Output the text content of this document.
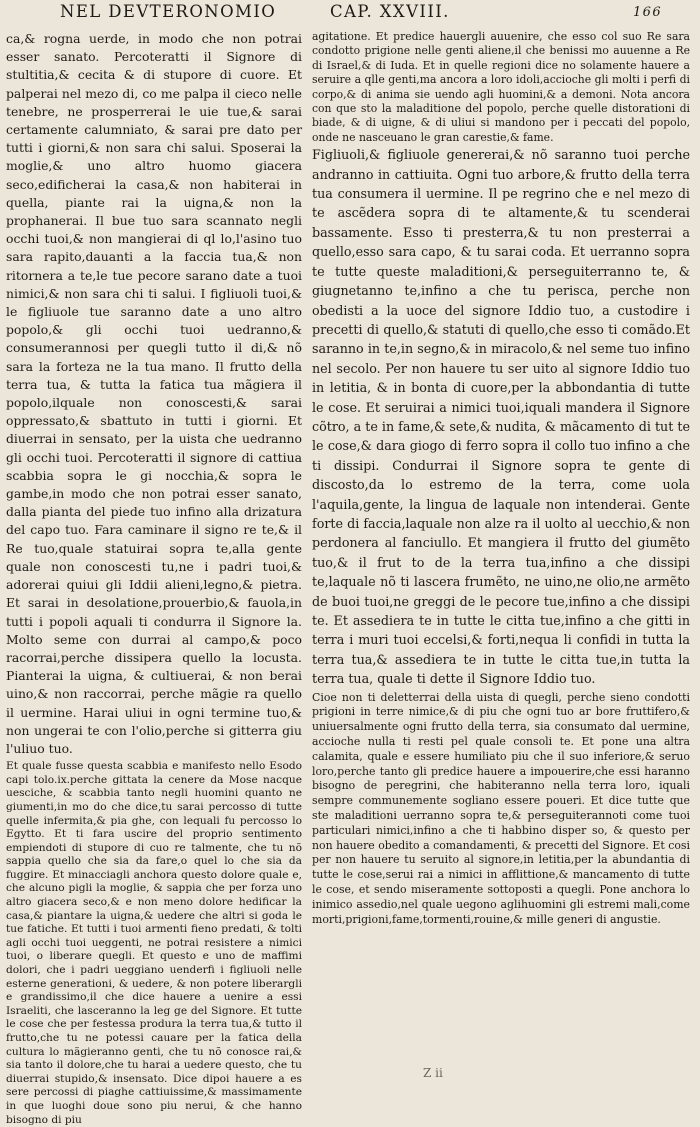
NEL DEVTERONOMIO	CAP. XXVIII.	166

ca,& rogna uerde, in modo che non potrai esser sanato. Percoteratti il Signore di stultitia,& cecita & di stupore di cuore. Et palperai nel mezo di, co me palpa il cieco nelle tenebre, ne prosperrerai le uie tue,& sarai certamente calumniato, & sarai pre dato per tutti i giorni,& non sara chi salui. Sposerai la moglie,& uno altro huomo giacera seco,edificherai la casa,& non habiterai in quella, piante rai la uigna,& non la prophanerai. Il bue tuo sara scannato negli occhi tuoi,& non mangierai di ql lo,l'asino tuo sara rapito,dauanti a la faccia tua,& non ritornera a te,le tue pecore sarano date a tuoi nimici,& non sara chi ti salui. I figliuoli tuoi,& le figliuole tue saranno date a uno altro popolo,& gli occhi tuoi uedranno,& consumerannosi per quegli tutto il di,& nõ sara la forteza ne la tua mano. Il frutto della terra tua, & tutta la fatica tua mãgiera il popolo,ilquale non conoscesti,& sarai oppressato,& sbattuto in tutti i giorni. Et diuerrai in sensato, per la uista che uedranno gli occhi tuoi. Percoteratti il signore di cattiua scabbia sopra le gi nocchia,& sopra le gambe,in modo che non potrai esser sanato, dalla pianta del piede tuo infino alla drizatura del capo tuo. Fara caminare il signo re te,& il Re tuo,quale statuirai sopra te,alla gente quale non conoscesti tu,ne i padri tuoi,& adorerai quiui gli Iddii alieni,legno,& pietra. Et sarai in desolatione,prouerbio,& fauola,in tutti i popoli aquali ti condurra il Signore la. Molto seme con durrai al campo,& poco racorrai,perche dissipera quello la locusta. Pianterai la uigna, & cultiuerai, & non berai uino,& non raccorrai, perche mãgie ra quello il uermine. Harai uliui in ogni termine tuo,& non ungerai te con l'olio,perche si gitterra giu l'uliuo tuo.

Et quale fusse questa scabbia e manifesto nello Esodo capi tolo.ix.perche gittata la cenere da Mose nacque uesciche, & scabbia tanto negli huomini quanto ne giumenti,in mo do che dice,tu sarai percosso di tutte quelle infermita,& pia ghe, con lequali fu percosso lo Egytto. Et ti fara uscire del proprio sentimento empiendoti di stupore di cuo re talmente, che tu nõ sappia quello che sia da fare,o quel lo che sia da fuggire. Et minacciagli anchora questo dolore quale e, che alcuno pigli la moglie, & sappia che per forza uno altro giacera seco,& e non meno dolore hedificar la casa,& piantare la uigna,& uedere che altri si goda le tue fatiche. Et tutti i tuoi armenti fieno predati, & tolti agli occhi tuoi ueggenti, ne potrai resistere a nimici tuoi, o liberare quegli. Et questo e uno de maffimi dolori, che i padri ueggiano uenderfi i figliuoli nelle esterne generationi, & uedere, & non potere liberargli e grandissimo,il che dice hauere a uenire a essi Israeliti, che lasceranno la leg ge del Signore. Et tutte le cose che per festessa produra la terra tua,& tutto il frutto,che tu ne potessi cauare per la fatica della cultura lo mãgieranno genti, che tu nõ conosce rai,& sia tanto il dolore,che tu harai a uedere questo, che tu diuerrai stupido,& insensato. Dice dipoi hauere a es sere percossi di piaghe cattiuissime,& massimamente in que luoghi doue sono piu nerui, & che hanno bisogno di piu

agitatione. Et predice hauergli auuenire, che esso col suo Re sara condotto prigione nelle genti aliene,il che benissi mo auuenne a Re di Israel,& di Iuda. Et in quelle regioni dice no solamente hauere a seruire a qlle genti,ma ancora a loro idoli,accioche gli molti i perfi di corpo,& di anima sie uendo agli huomini,& a demoni. Nota ancora con que sto la maladitione del popolo, perche quelle distorationi di biade, & di uigne, & di uliui si mandono per i peccati del popolo, onde ne nasceuano le gran carestie,& fame.

Figliuoli,& figliuole genererai,& nõ saranno tuoi perche andranno in cattiuita. Ogni tuo arbore,& frutto della terra tua consumera il uermine. Il pe regrino che e nel mezo di te ascẽdera sopra di te altamente,& tu scenderai bassamente. Esso ti presterra,& tu non presterrai a quello,esso sara capo, & tu sarai coda. Et uerranno sopra te tutte queste maladitioni,& perseguiterranno te, & giugnetanno te,infino a che tu perisca, perche non obedisti a la uoce del signore Iddio tuo, a custodire i precetti di quello,& statuti di quello,che esso ti comãdo.Et saranno in te,in segno,& in miracolo,& nel seme tuo infino nel secolo. Per non hauere tu ser uito al signore Iddio tuo in letitia, & in bonta di cuore,per la abbondantia di tutte le cose. Et seruirai a nimici tuoi,iquali mandera il Signore cõtro, a te in fame,& sete,& nudita, & mãcamento di tut te le cose,& dara giogo di ferro sopra il collo tuo infino a che ti dissipi. Condurrai il Signore sopra te gente di discosto,da lo estremo de la terra, come uola l'aquila,gente, la lingua de laquale non intenderai. Gente forte di faccia,laquale non alze ra il uolto al uecchio,& non perdonera al fanciullo. Et mangiera il frutto del giumẽto tuo,& il frut to de la terra tua,infino a che dissipi te,laquale nõ ti lascera frumẽto, ne uino,ne olio,ne armẽto de buoi tuoi,ne greggi de le pecore tue,infino a che dissipi te. Et assediera te in tutte le citta tue,infino a che gitti in terra i muri tuoi eccelsi,& forti,nequa li confidi in tutta la terra tua,& assediera te in tutte le citta tue,in tutta la terra tua, quale ti dette il Signore Iddio tuo.

Cioe non ti deletterrai della uista di quegli, perche sieno condotti prigioni in terre nimice,& di piu che ogni tuo ar bore fruttifero,& uniuersalmente ogni frutto della terra, sia consumato dal uermine, accioche nulla ti resti pel quale consoli te. Et pone una altra calamita, quale e essere humiliato piu che il suo inferiore,& seruo loro,perche tanto gli predice hauere a impouerire,che essi haranno bisogno de peregrini, che habiteranno nella terra loro, iquali sempre communemente sogliano essere poueri. Et dice tutte que ste maladitioni uerranno sopra te,& perseguiterannoti come tuoi particulari nimici,infino a che ti habbino disper so, & questo per non hauere obedito a comandamenti, & precetti del Signore. Et cosi per non hauere tu seruito al signore,in letitia,per la abundantia di tutte le cose,serui rai a nimici in afflittione,& mancamento di tutte le cose, et sendo miseramente sottoposti a quegli. Pone anchora lo inimico assedio,nel quale uegono aglihuomini gli estremi mali,come morti,prigioni,fame,tormenti,rouine,& mille generi di angustie.

Z ii
